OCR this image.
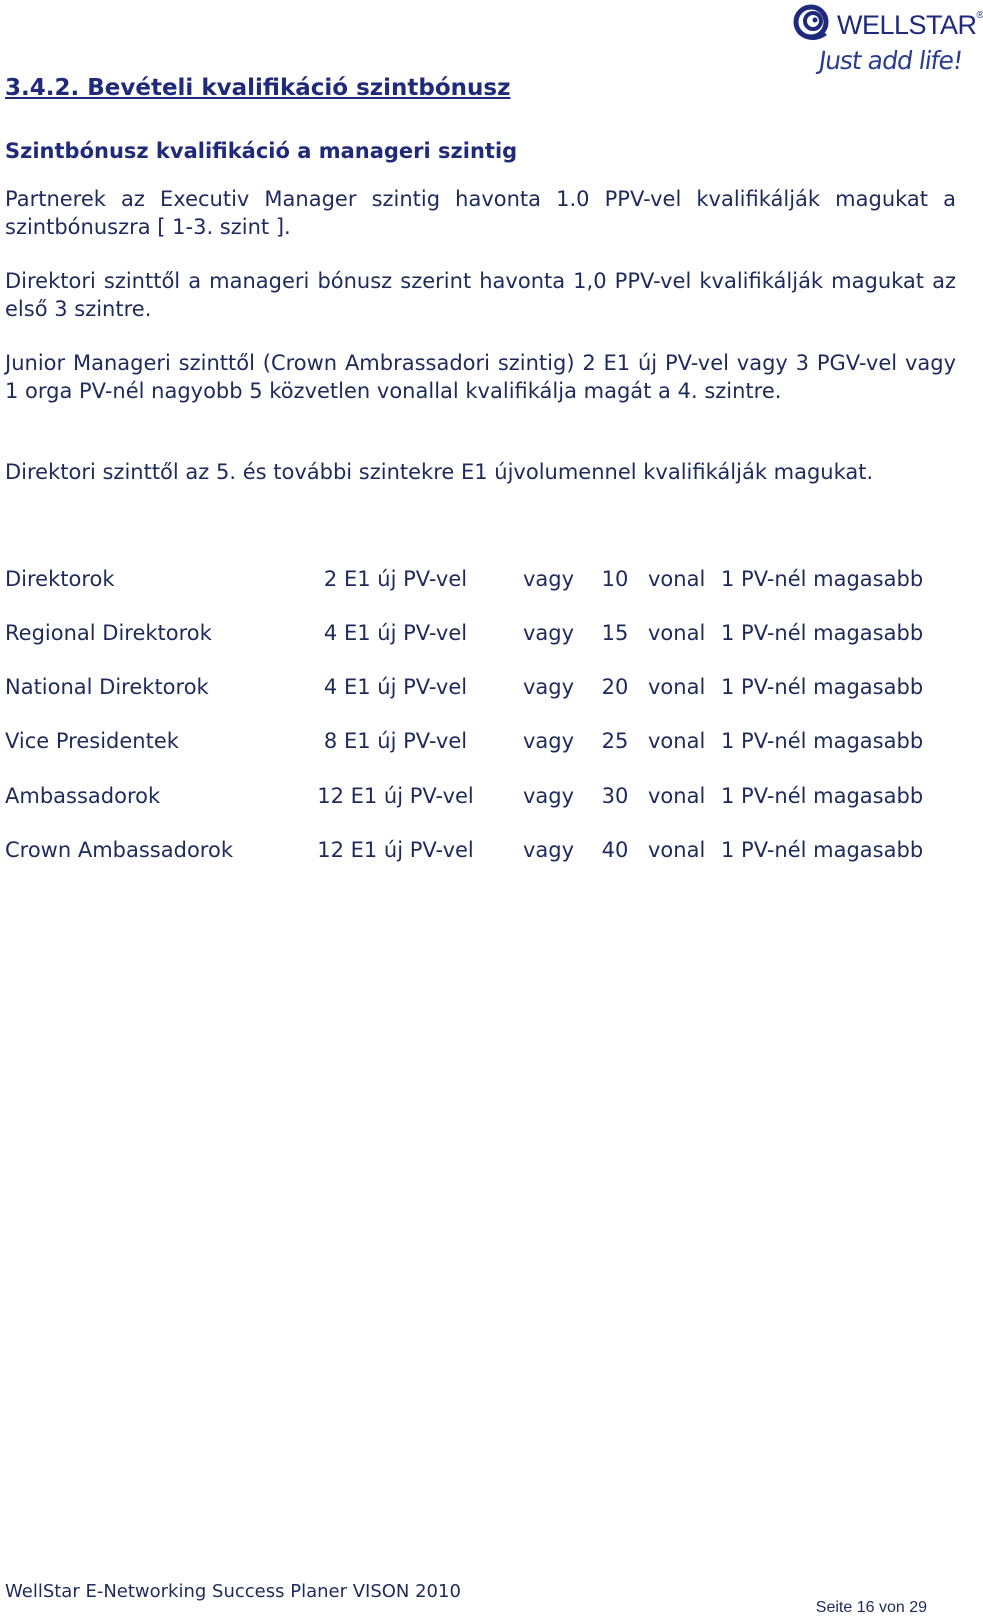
WELLSTAR®
Just add life!
3.4.2. Bevételi kvalifikáció szintbónusz
Szintbónusz kvalifikáció a manageri szintig

Partnerek az Executiv Manager szintig havonta 1.0 PPV-vel kvalifikálják magukat a szintbónuszra [ 1-3. szint ].

Direktori szinttől a manageri bónusz szerint havonta 1,0 PPV-vel kvalifikálják magukat az első 3 szintre.

Junior Manageri szinttől (Crown Ambrassadori szintig) 2 E1 új PV-vel vagy 3 PGV-vel vagy 1 orga PV-nél nagyobb 5 közvetlen vonallal kvalifikálja magát a 4. szintre.

Direktori szinttől az 5. és további szintekre E1 újvolumennel kvalifikálják magukat.

Direktorok	2 E1 új PV-vel	vagy	10 vonal 1 PV-nél magasabb
Regional Direktorok	4 E1 új PV-vel	vagy	15 vonal 1 PV-nél magasabb
National Direktorok	4 E1 új PV-vel	vagy	20 vonal 1 PV-nél magasabb
Vice Presidentek	8 E1 új PV-vel	vagy	25 vonal 1 PV-nél magasabb
Ambassadorok	12 E1 új PV-vel	vagy	30 vonal 1 PV-nél magasabb
Crown Ambassadorok	12 E1 új PV-vel	vagy	40 vonal 1 PV-nél magasabb
WellStar E-Networking Success Planer VISON 2010
Seite 16 von 29
